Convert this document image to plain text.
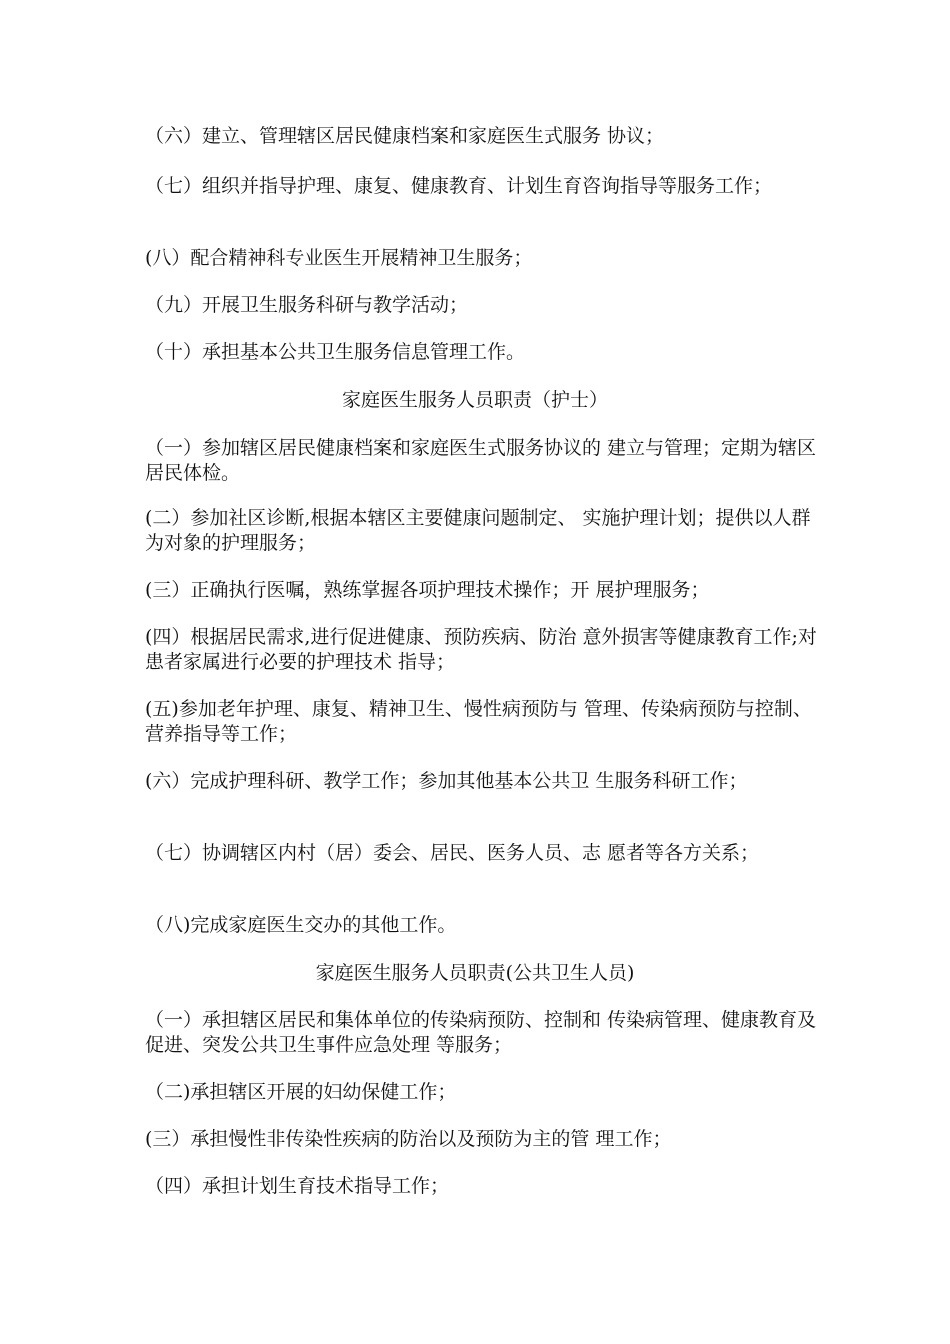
（六）建立、管理辖区居民健康档案和家庭医生式服务 协议；
（七）组织并指导护理、康复、健康教育、计划生育咨询指导等服务工作；
(八）配合精神科专业医生开展精神卫生服务；
（九）开展卫生服务科研与教学活动；
（十）承担基本公共卫生服务信息管理工作。
家庭医生服务人员职责（护士）
（一）参加辖区居民健康档案和家庭医生式服务协议的 建立与管理；定期为辖区居民体检。
(二）参加社区诊断,根据本辖区主要健康问题制定、 实施护理计划；提供以人群为对象的护理服务；
(三）正确执行医嘱，熟练掌握各项护理技术操作；开 展护理服务；
(四）根据居民需求,进行促进健康、预防疾病、防治 意外损害等健康教育工作;对患者家属进行必要的护理技术 指导；
(五)参加老年护理、康复、精神卫生、慢性病预防与 管理、传染病预防与控制、营养指导等工作；
(六）完成护理科研、教学工作；参加其他基本公共卫 生服务科研工作；
（七）协调辖区内村（居）委会、居民、医务人员、志 愿者等各方关系；
（八)完成家庭医生交办的其他工作。
家庭医生服务人员职责(公共卫生人员)
（一）承担辖区居民和集体单位的传染病预防、控制和 传染病管理、健康教育及促进、突发公共卫生事件应急处理 等服务；
（二)承担辖区开展的妇幼保健工作；
(三）承担慢性非传染性疾病的防治以及预防为主的管 理工作；
（四）承担计划生育技术指导工作；
